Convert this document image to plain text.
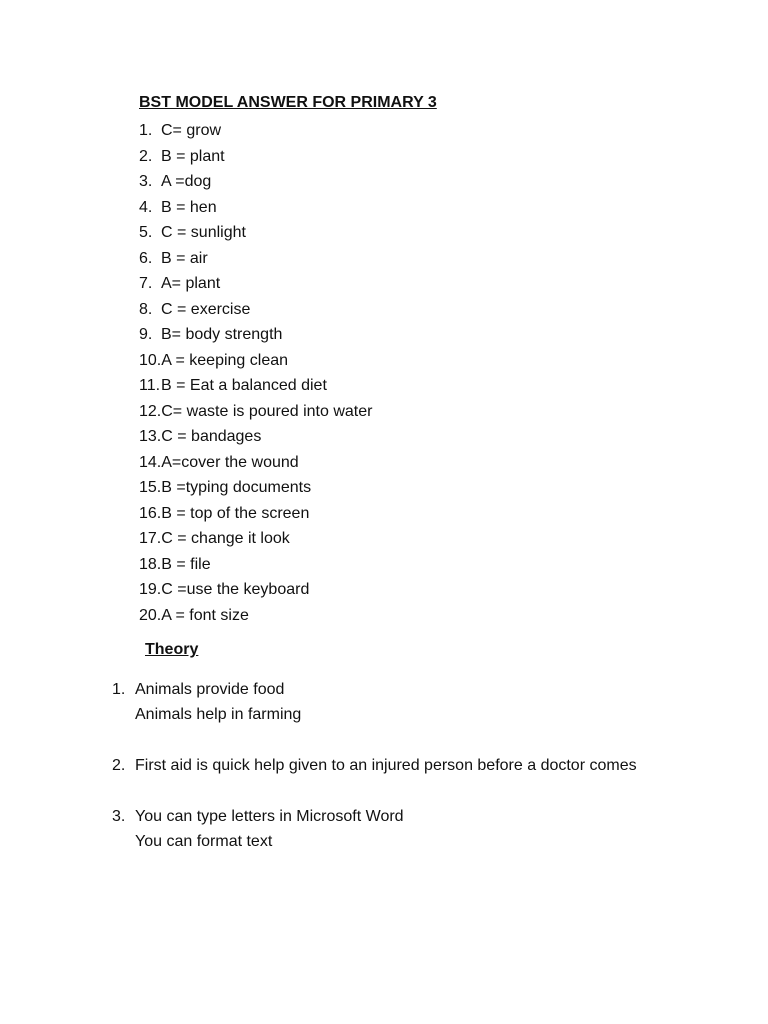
BST MODEL ANSWER FOR PRIMARY 3
1. C= grow
2. B = plant
3. A =dog
4. B = hen
5. C = sunlight
6. B = air
7. A= plant
8. C = exercise
9. B= body strength
10. A = keeping clean
11. B = Eat a balanced diet
12. C= waste is poured into water
13. C = bandages
14. A=cover the wound
15. B =typing documents
16. B = top of the screen
17. C = change it look
18. B = file
19. C =use the keyboard
20. A = font size
Theory
1. Animals provide food
Animals help in farming
2. First aid is quick help given to an injured person before a doctor comes
3. You can type letters in Microsoft Word
You can format text
